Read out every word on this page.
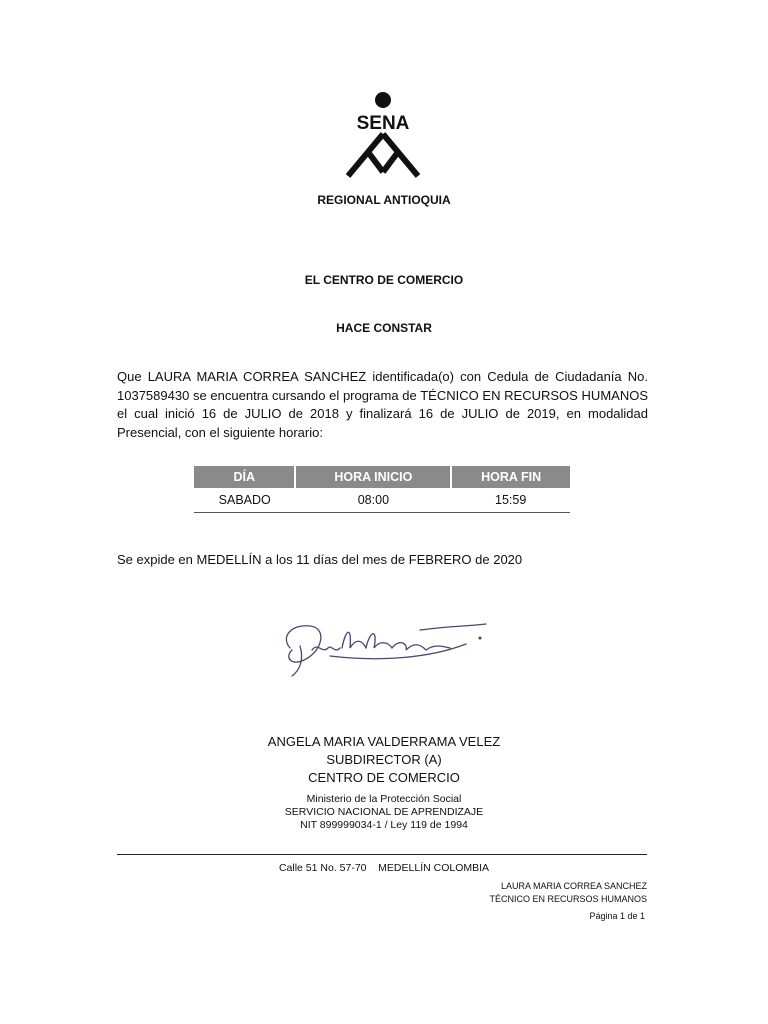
SENA
REGIONAL ANTIOQUIA
EL CENTRO DE COMERCIO
HACE CONSTAR
Que LAURA MARIA CORREA SANCHEZ identificada(o) con Cedula de Ciudadanía No. 1037589430 se encuentra cursando el programa de TÉCNICO EN RECURSOS HUMANOS el cual inició 16 de JULIO de 2018 y finalizará 16 de JULIO de 2019, en modalidad Presencial, con el siguiente horario:
DÍA	HORA INICIO	HORA FIN
SABADO	08:00	15:59
Se expide en MEDELLÍN a los 11 días del mes de FEBRERO de 2020
ANGELA MARIA VALDERRAMA VELEZ
SUBDIRECTOR (A)
CENTRO DE COMERCIO
Ministerio de la Protección Social
SERVICIO NACIONAL DE APRENDIZAJE
NIT 899999034-1 / Ley 119 de 1994
Calle 51 No. 57-70    MEDELLÍN COLOMBIA
LAURA MARIA CORREA SANCHEZ
TÉCNICO EN RECURSOS HUMANOS
Página 1 de 1
